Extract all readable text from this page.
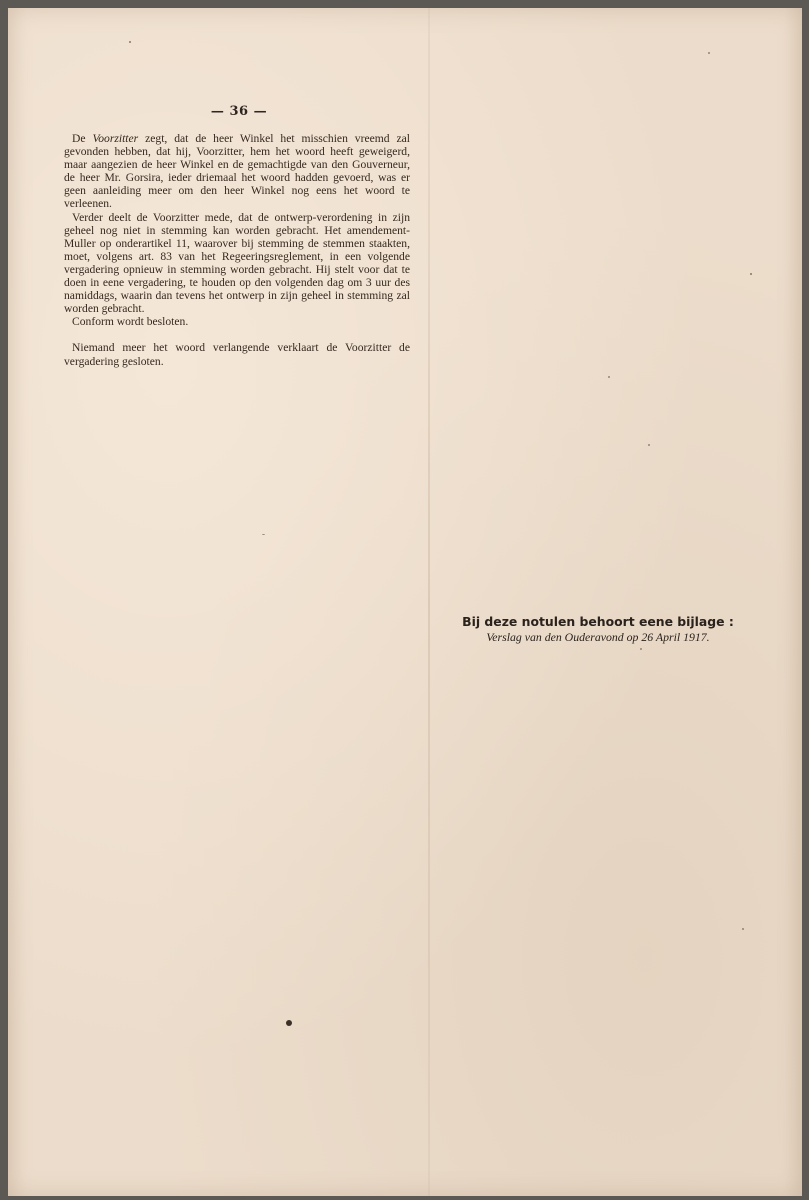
— 36 —

De Voorzitter zegt, dat de heer Winkel het misschien vreemd zal gevonden hebben, dat hij, Voorzitter, hem het woord heeft geweigerd, maar aangezien de heer Winkel en de gemachtigde van den Gouverneur, de heer Mr. Gorsira, ieder driemaal het woord hadden gevoerd, was er geen aanleiding meer om den heer Winkel nog eens het woord te verleenen.

Verder deelt de Voorzitter mede, dat de ontwerp-verordening in zijn geheel nog niet in stemming kan worden gebracht. Het amendement-Muller op onderartikel 11, waarover bij stemming de stemmen staakten, moet, volgens art. 83 van het Regeeringsreglement, in een volgende vergadering opnieuw in stemming worden gebracht. Hij stelt voor dat te doen in eene vergadering, te houden op den volgenden dag om 3 uur des namiddags, waarin dan tevens het ontwerp in zijn geheel in stemming zal worden gebracht.

Conform wordt besloten.

Niemand meer het woord verlangende verklaart de Voorzitter de vergadering gesloten.

Bij deze notulen behoort eene bijlage :
Verslag van den Ouderavond op 26 April 1917.
